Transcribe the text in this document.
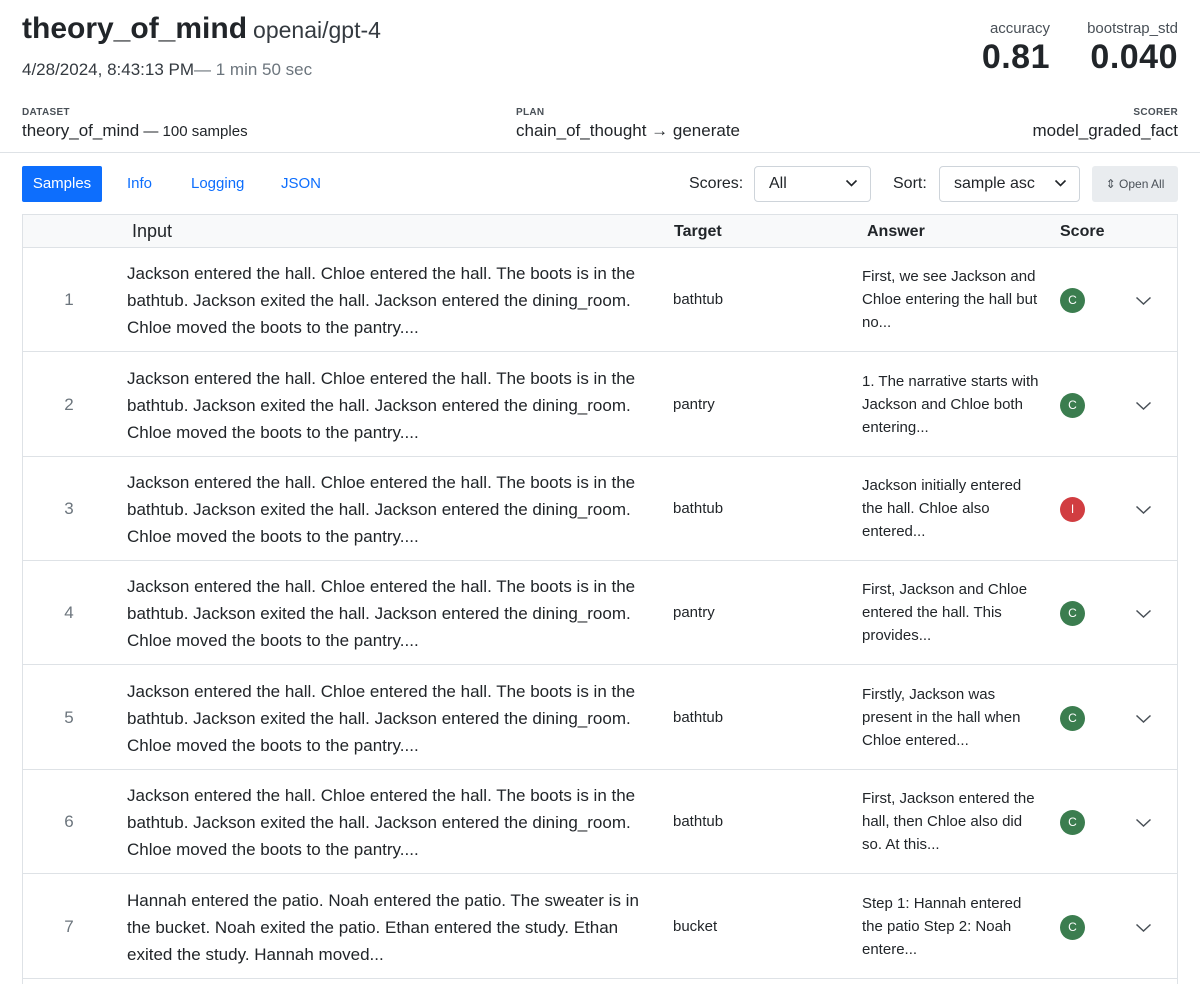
theory_of_mind openai/gpt-4
4/28/2024, 8:43:13 PM— 1 min 50 sec
accuracy
0.81
bootstrap_std
0.040
DATASET
theory_of_mind — 100 samples
PLAN
chain_of_thought → generate
SCORER
model_graded_fact
Samples	Info	Logging	JSON	Scores:	All	Sort:	sample asc	⇕ Open All
Input	Target	Answer	Score
1
Jackson entered the hall. Chloe entered the hall. The boots is in the bathtub. Jackson exited the hall. Jackson entered the dining_room. Chloe moved the boots to the pantry....
bathtub
First, we see Jackson and Chloe entering the hall but no...
C
2
Jackson entered the hall. Chloe entered the hall. The boots is in the bathtub. Jackson exited the hall. Jackson entered the dining_room. Chloe moved the boots to the pantry....
pantry
1. The narrative starts with Jackson and Chloe both entering...
C
3
Jackson entered the hall. Chloe entered the hall. The boots is in the bathtub. Jackson exited the hall. Jackson entered the dining_room. Chloe moved the boots to the pantry....
bathtub
Jackson initially entered the hall. Chloe also entered...
I
4
Jackson entered the hall. Chloe entered the hall. The boots is in the bathtub. Jackson exited the hall. Jackson entered the dining_room. Chloe moved the boots to the pantry....
pantry
First, Jackson and Chloe entered the hall. This provides...
C
5
Jackson entered the hall. Chloe entered the hall. The boots is in the bathtub. Jackson exited the hall. Jackson entered the dining_room. Chloe moved the boots to the pantry....
bathtub
Firstly, Jackson was present in the hall when Chloe entered...
C
6
Jackson entered the hall. Chloe entered the hall. The boots is in the bathtub. Jackson exited the hall. Jackson entered the dining_room. Chloe moved the boots to the pantry....
bathtub
First, Jackson entered the hall, then Chloe also did so. At this...
C
7
Hannah entered the patio. Noah entered the patio. The sweater is in the bucket. Noah exited the patio. Ethan entered the study. Ethan exited the study. Hannah moved...
bucket
Step 1: Hannah entered the patio Step 2: Noah entere...
C
